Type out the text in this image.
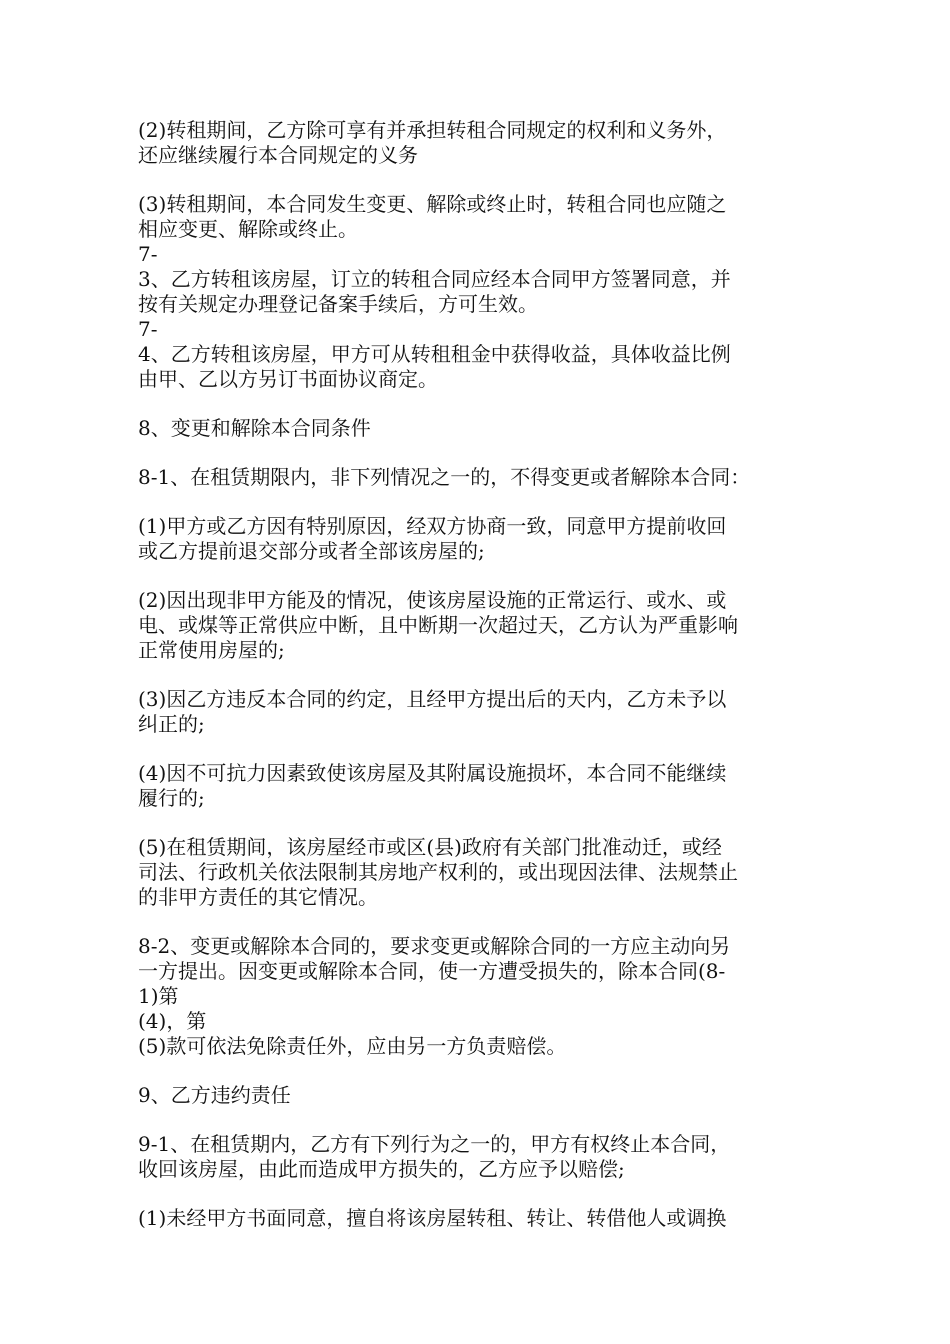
(2)转租期间，乙方除可享有并承担转租合同规定的权利和义务外，
还应继续履行本合同规定的义务
(3)转租期间，本合同发生变更、解除或终止时，转租合同也应随之
相应变更、解除或终止。
7-
3、乙方转租该房屋，订立的转租合同应经本合同甲方签署同意，并
按有关规定办理登记备案手续后，方可生效。
7-
4、乙方转租该房屋，甲方可从转租租金中获得收益，具体收益比例
由甲、乙以方另订书面协议商定。
8、变更和解除本合同条件
8-1、在租赁期限内，非下列情况之一的，不得变更或者解除本合同：
(1)甲方或乙方因有特别原因，经双方协商一致，同意甲方提前收回
或乙方提前退交部分或者全部该房屋的;
(2)因出现非甲方能及的情况，使该房屋设施的正常运行、或水、或
电、或煤等正常供应中断，且中断期一次超过天，乙方认为严重影响
正常使用房屋的;
(3)因乙方违反本合同的约定，且经甲方提出后的天内，乙方未予以
纠正的;
(4)因不可抗力因素致使该房屋及其附属设施损坏，本合同不能继续
履行的;
(5)在租赁期间，该房屋经市或区(县)政府有关部门批准动迁，或经
司法、行政机关依法限制其房地产权利的，或出现因法律、法规禁止
的非甲方责任的其它情况。
8-2、变更或解除本合同的，要求变更或解除合同的一方应主动向另
一方提出。因变更或解除本合同，使一方遭受损失的，除本合同(8-
1)第
(4)，第
(5)款可依法免除责任外，应由另一方负责赔偿。
9、乙方违约责任
9-1、在租赁期内，乙方有下列行为之一的，甲方有权终止本合同，
收回该房屋，由此而造成甲方损失的，乙方应予以赔偿;
(1)未经甲方书面同意，擅自将该房屋转租、转让、转借他人或调换
